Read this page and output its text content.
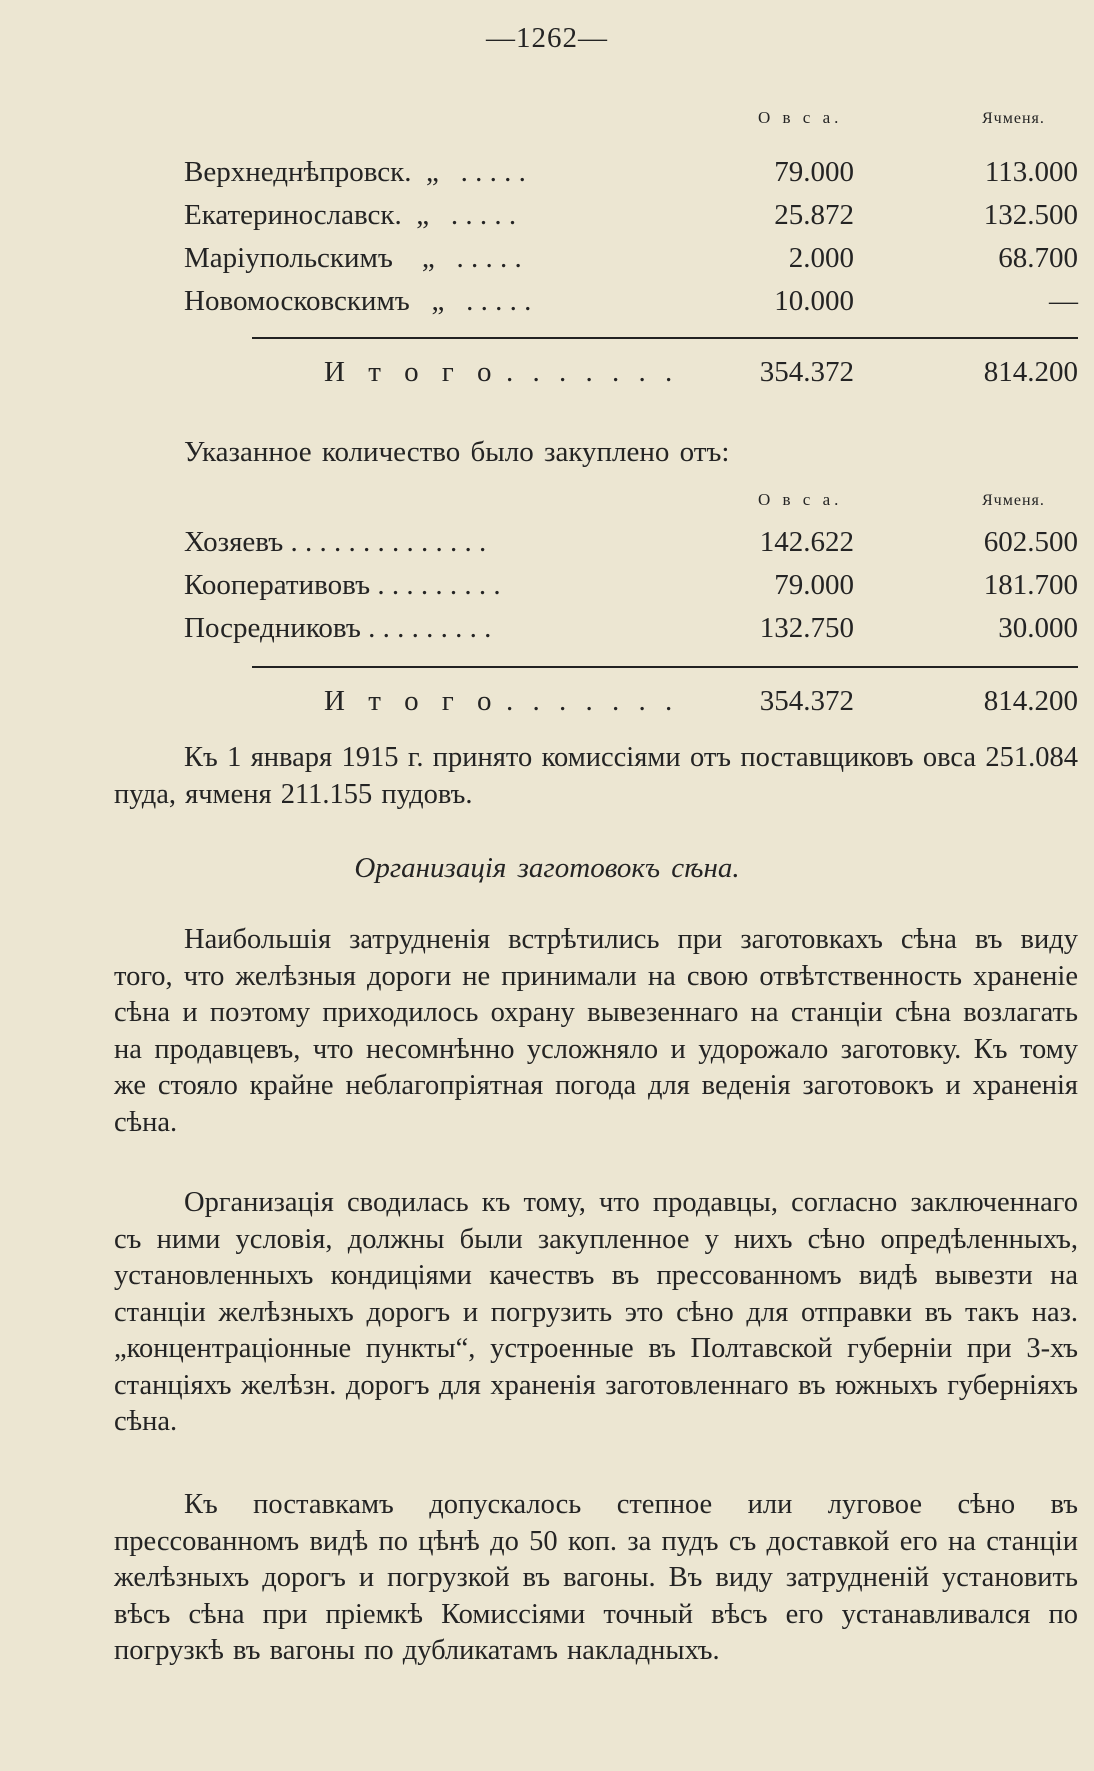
—1262—
О в с а.	Ячменя.
Верхнеднѣпровск.  „   . . . . .	79.000	113.000
Екатеринославск.  „   . . . . .	25.872	132.500
Маріупольскимъ    „   . . . . .	2.000	68.700
Новомосковскимъ   „   . . . . .	10.000	—
И т о г о . . . . . . .	354.372	814.200
Указанное количество было закуплено отъ:
О в с а.	Ячменя.
Хозяевъ . . . . . . . . . . . . . .	142.622	602.500
Кооперативовъ . . . . . . . . .	79.000	181.700
Посредниковъ . . . . . . . . .	132.750	30.000
И т о г о . . . . . . .	354.372	814.200
Къ 1 января 1915 г. принято комиссіями отъ поставщиковъ овса 251.084 пуда, ячменя 211.155 пудовъ.
Организація заготовокъ сѣна.
Наибольшія затрудненія встрѣтились при заготовкахъ сѣна въ виду того, что желѣзныя дороги не принимали на свою отвѣтственность храненіе сѣна и поэтому приходилось охрану вывезеннаго на станціи сѣна возлагать на продавцевъ, что несомнѣнно усложняло и удорожало заготовку. Къ тому же стояло крайне неблагопріятная погода для веденія заготовокъ и храненія сѣна.
Организація сводилась къ тому, что продавцы, согласно заключеннаго съ ними условія, должны были закупленное у нихъ сѣно опредѣленныхъ, установленныхъ кондиціями качествъ въ прессованномъ видѣ вывезти на станціи желѣзныхъ дорогъ и погрузить это сѣно для отправки въ такъ наз. „концентраціонные пункты“, устроенные въ Полтавской губерніи при 3-хъ станціяхъ желѣзн. дорогъ для храненія заготовленнаго въ южныхъ губерніяхъ сѣна.
Къ поставкамъ допускалось степное или луговое сѣно въ прессованномъ видѣ по цѣнѣ до 50 коп. за пудъ съ доставкой его на станціи желѣзныхъ дорогъ и погрузкой въ вагоны. Въ виду затрудненій установить вѣсъ сѣна при пріемкѣ Комиссіями точный вѣсъ его устанавливался по погрузкѣ въ вагоны по дубликатамъ накладныхъ.
